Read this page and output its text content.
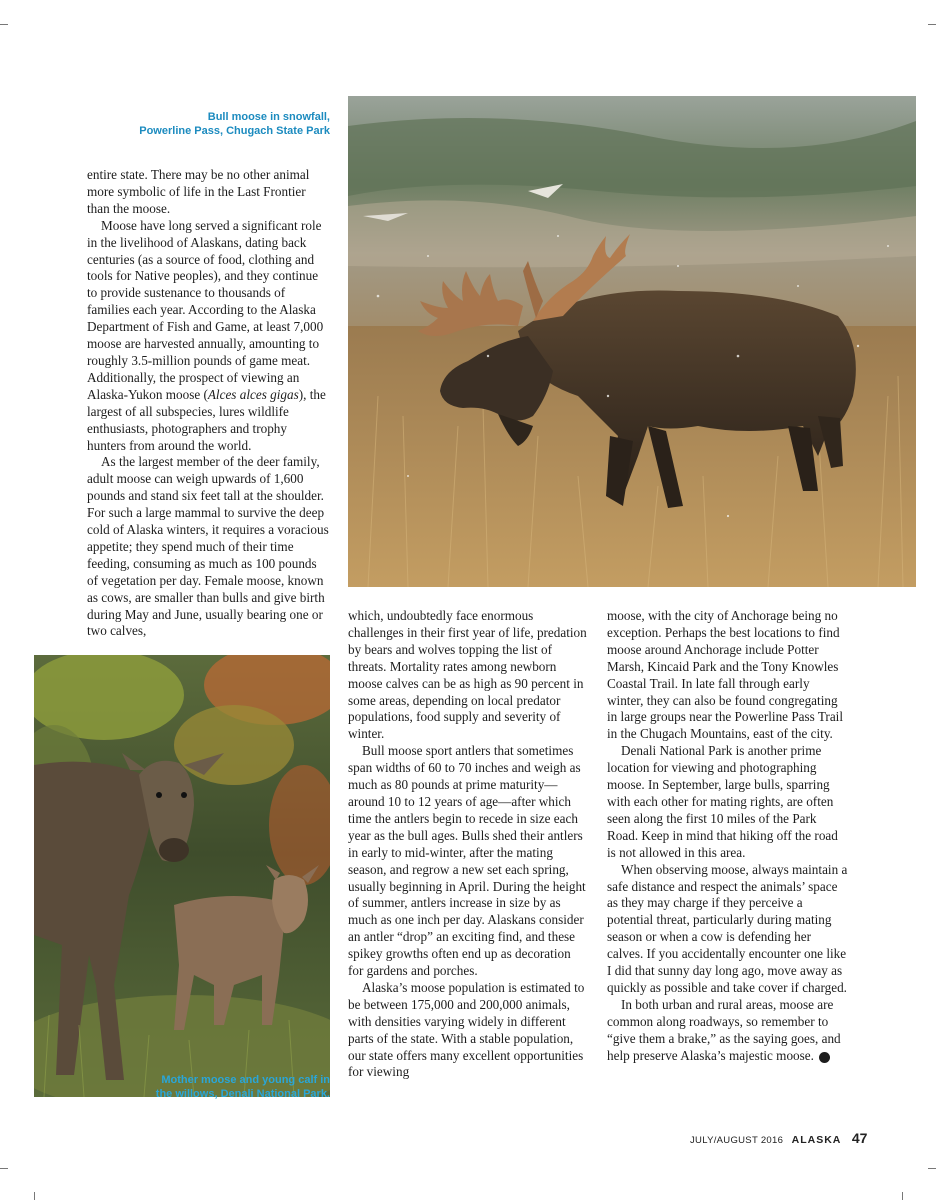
Bull moose in snowfall,
Powerline Pass, Chugach State Park

entire state. There may be no other animal more symbolic of life in the Last Frontier than the moose.

Moose have long served a significant role in the livelihood of Alaskans, dating back centuries (as a source of food, clothing and tools for Native peoples), and they continue to provide sustenance to thousands of families each year. According to the Alaska Department of Fish and Game, at least 7,000 moose are harvested annually, amounting to roughly 3.5-million pounds of game meat. Additionally, the prospect of viewing an Alaska-Yukon moose (Alces alces gigas), the largest of all subspecies, lures wildlife enthusiasts, photographers and trophy hunters from around the world.

As the largest member of the deer family, adult moose can weigh upwards of 1,600 pounds and stand six feet tall at the shoulder. For such a large mammal to survive the deep cold of Alaska winters, it requires a voracious appetite; they spend much of their time feeding, consuming as much as 100 pounds of vegetation per day. Female moose, known as cows, are smaller than bulls and give birth during May and June, usually bearing one or two calves,

Mother moose and young calf in
the willows, Denali National Park.

which, undoubtedly face enormous challenges in their first year of life, predation by bears and wolves topping the list of threats. Mortality rates among newborn moose calves can be as high as 90 percent in some areas, depending on local predator populations, food supply and severity of winter.

Bull moose sport antlers that sometimes span widths of 60 to 70 inches and weigh as much as 80 pounds at prime maturity—around 10 to 12 years of age—after which time the antlers begin to recede in size each year as the bull ages. Bulls shed their antlers in early to mid-winter, after the mating season, and regrow a new set each spring, usually beginning in April. During the height of summer, antlers increase in size by as much as one inch per day. Alaskans consider an antler “drop” an exciting find, and these spikey growths often end up as decoration for gardens and porches.

Alaska’s moose population is estimated to be between 175,000 and 200,000 animals, with densities varying widely in different parts of the state. With a stable population, our state offers many excellent opportunities for viewing

moose, with the city of Anchorage being no exception. Perhaps the best locations to find moose around Anchorage include Potter Marsh, Kincaid Park and the Tony Knowles Coastal Trail. In late fall through early winter, they can also be found congregating in large groups near the Powerline Pass Trail in the Chugach Mountains, east of the city.

Denali National Park is another prime location for viewing and photographing moose. In September, large bulls, sparring with each other for mating rights, are often seen along the first 10 miles of the Park Road. Keep in mind that hiking off the road is not allowed in this area.

When observing moose, always maintain a safe distance and respect the animals’ space as they may charge if they perceive a potential threat, particularly during mating season or when a cow is defending her calves. If you accidentally encounter one like I did that sunny day long ago, move away as quickly as possible and take cover if charged.

In both urban and rural areas, moose are common along roadways, so remember to “give them a brake,” as the saying goes, and help preserve Alaska’s majestic moose. A

JULY/AUGUST 2016 ALASKA 47
